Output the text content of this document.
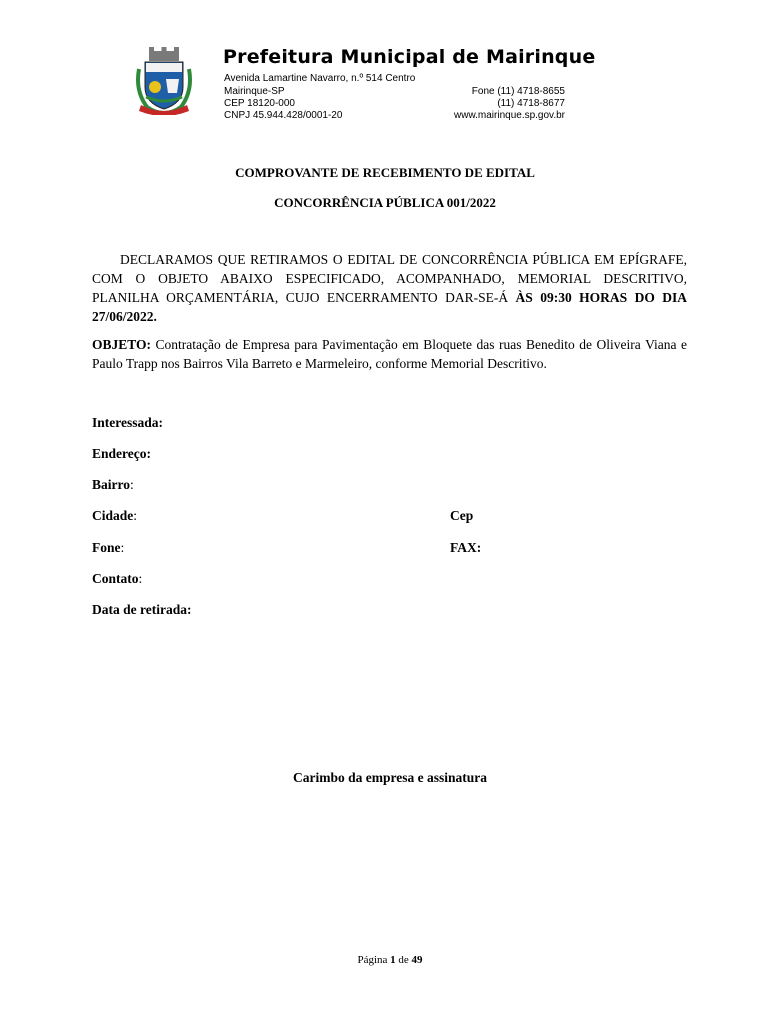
Prefeitura Municipal de Mairinque
Avenida Lamartine Navarro, n.º 514 Centro
Mairinque-SP
CEP 18120-000
CNPJ 45.944.428/0001-20
Fone (11) 4718-8655
(11) 4718-8677
www.mairinque.sp.gov.br
COMPROVANTE DE RECEBIMENTO DE EDITAL
CONCORRÊNCIA PÚBLICA 001/2022
DECLARAMOS QUE RETIRAMOS O EDITAL DE CONCORRÊNCIA PÚBLICA EM EPÍGRAFE, COM O OBJETO ABAIXO ESPECIFICADO, ACOMPANHADO, MEMORIAL DESCRITIVO, PLANILHA ORÇAMENTÁRIA, CUJO ENCERRAMENTO DAR-SE-Á ÀS 09:30 HORAS DO DIA 27/06/2022.
OBJETO: Contratação de Empresa para Pavimentação em Bloquete das ruas Benedito de Oliveira Viana e Paulo Trapp nos Bairros Vila Barreto e Marmeleiro, conforme Memorial Descritivo.
Interessada:
Endereço:
Bairro:
Cidade:	Cep
Fone:	FAX:
Contato:
Data de retirada:
Carimbo da empresa e assinatura
Página 1 de 49
